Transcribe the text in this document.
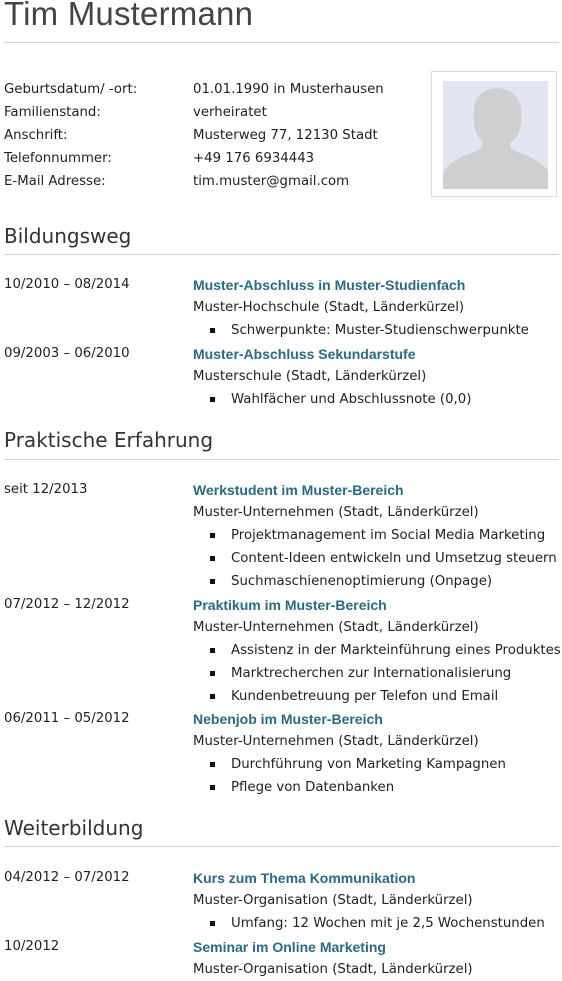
Tim Mustermann
Geburtsdatum/ -ort:	01.01.1990 in Musterhausen
Familienstand:	verheiratet
Anschrift:	Musterweg 77, 12130 Stadt
Telefonnummer:	+49 176 6934443
E-Mail Adresse:	tim.muster@gmail.com
Bildungsweg
10/2010 – 08/2014	Muster-Abschluss in Muster-Studienfach
Muster-Hochschule (Stadt, Länderkürzel)
Schwerpunkte: Muster-Studienschwerpunkte
09/2003 – 06/2010	Muster-Abschluss Sekundarstufe
Musterschule (Stadt, Länderkürzel)
Wahlfächer und Abschlussnote (0,0)
Praktische Erfahrung
seit 12/2013	Werkstudent im Muster-Bereich
Muster-Unternehmen (Stadt, Länderkürzel)
Projektmanagement im Social Media Marketing
Content-Ideen entwickeln und Umsetzug steuern
Suchmaschienenoptimierung (Onpage)
07/2012 – 12/2012	Praktikum im Muster-Bereich
Muster-Unternehmen (Stadt, Länderkürzel)
Assistenz in der Markteinführung eines Produktes
Marktrecherchen zur Internationalisierung
Kundenbetreuung per Telefon und Email
06/2011 – 05/2012	Nebenjob im Muster-Bereich
Muster-Unternehmen (Stadt, Länderkürzel)
Durchführung von Marketing Kampagnen
Pflege von Datenbanken
Weiterbildung
04/2012 – 07/2012	Kurs zum Thema Kommunikation
Muster-Organisation (Stadt, Länderkürzel)
Umfang: 12 Wochen mit je 2,5 Wochenstunden
10/2012	Seminar im Online Marketing
Muster-Organisation (Stadt, Länderkürzel)
